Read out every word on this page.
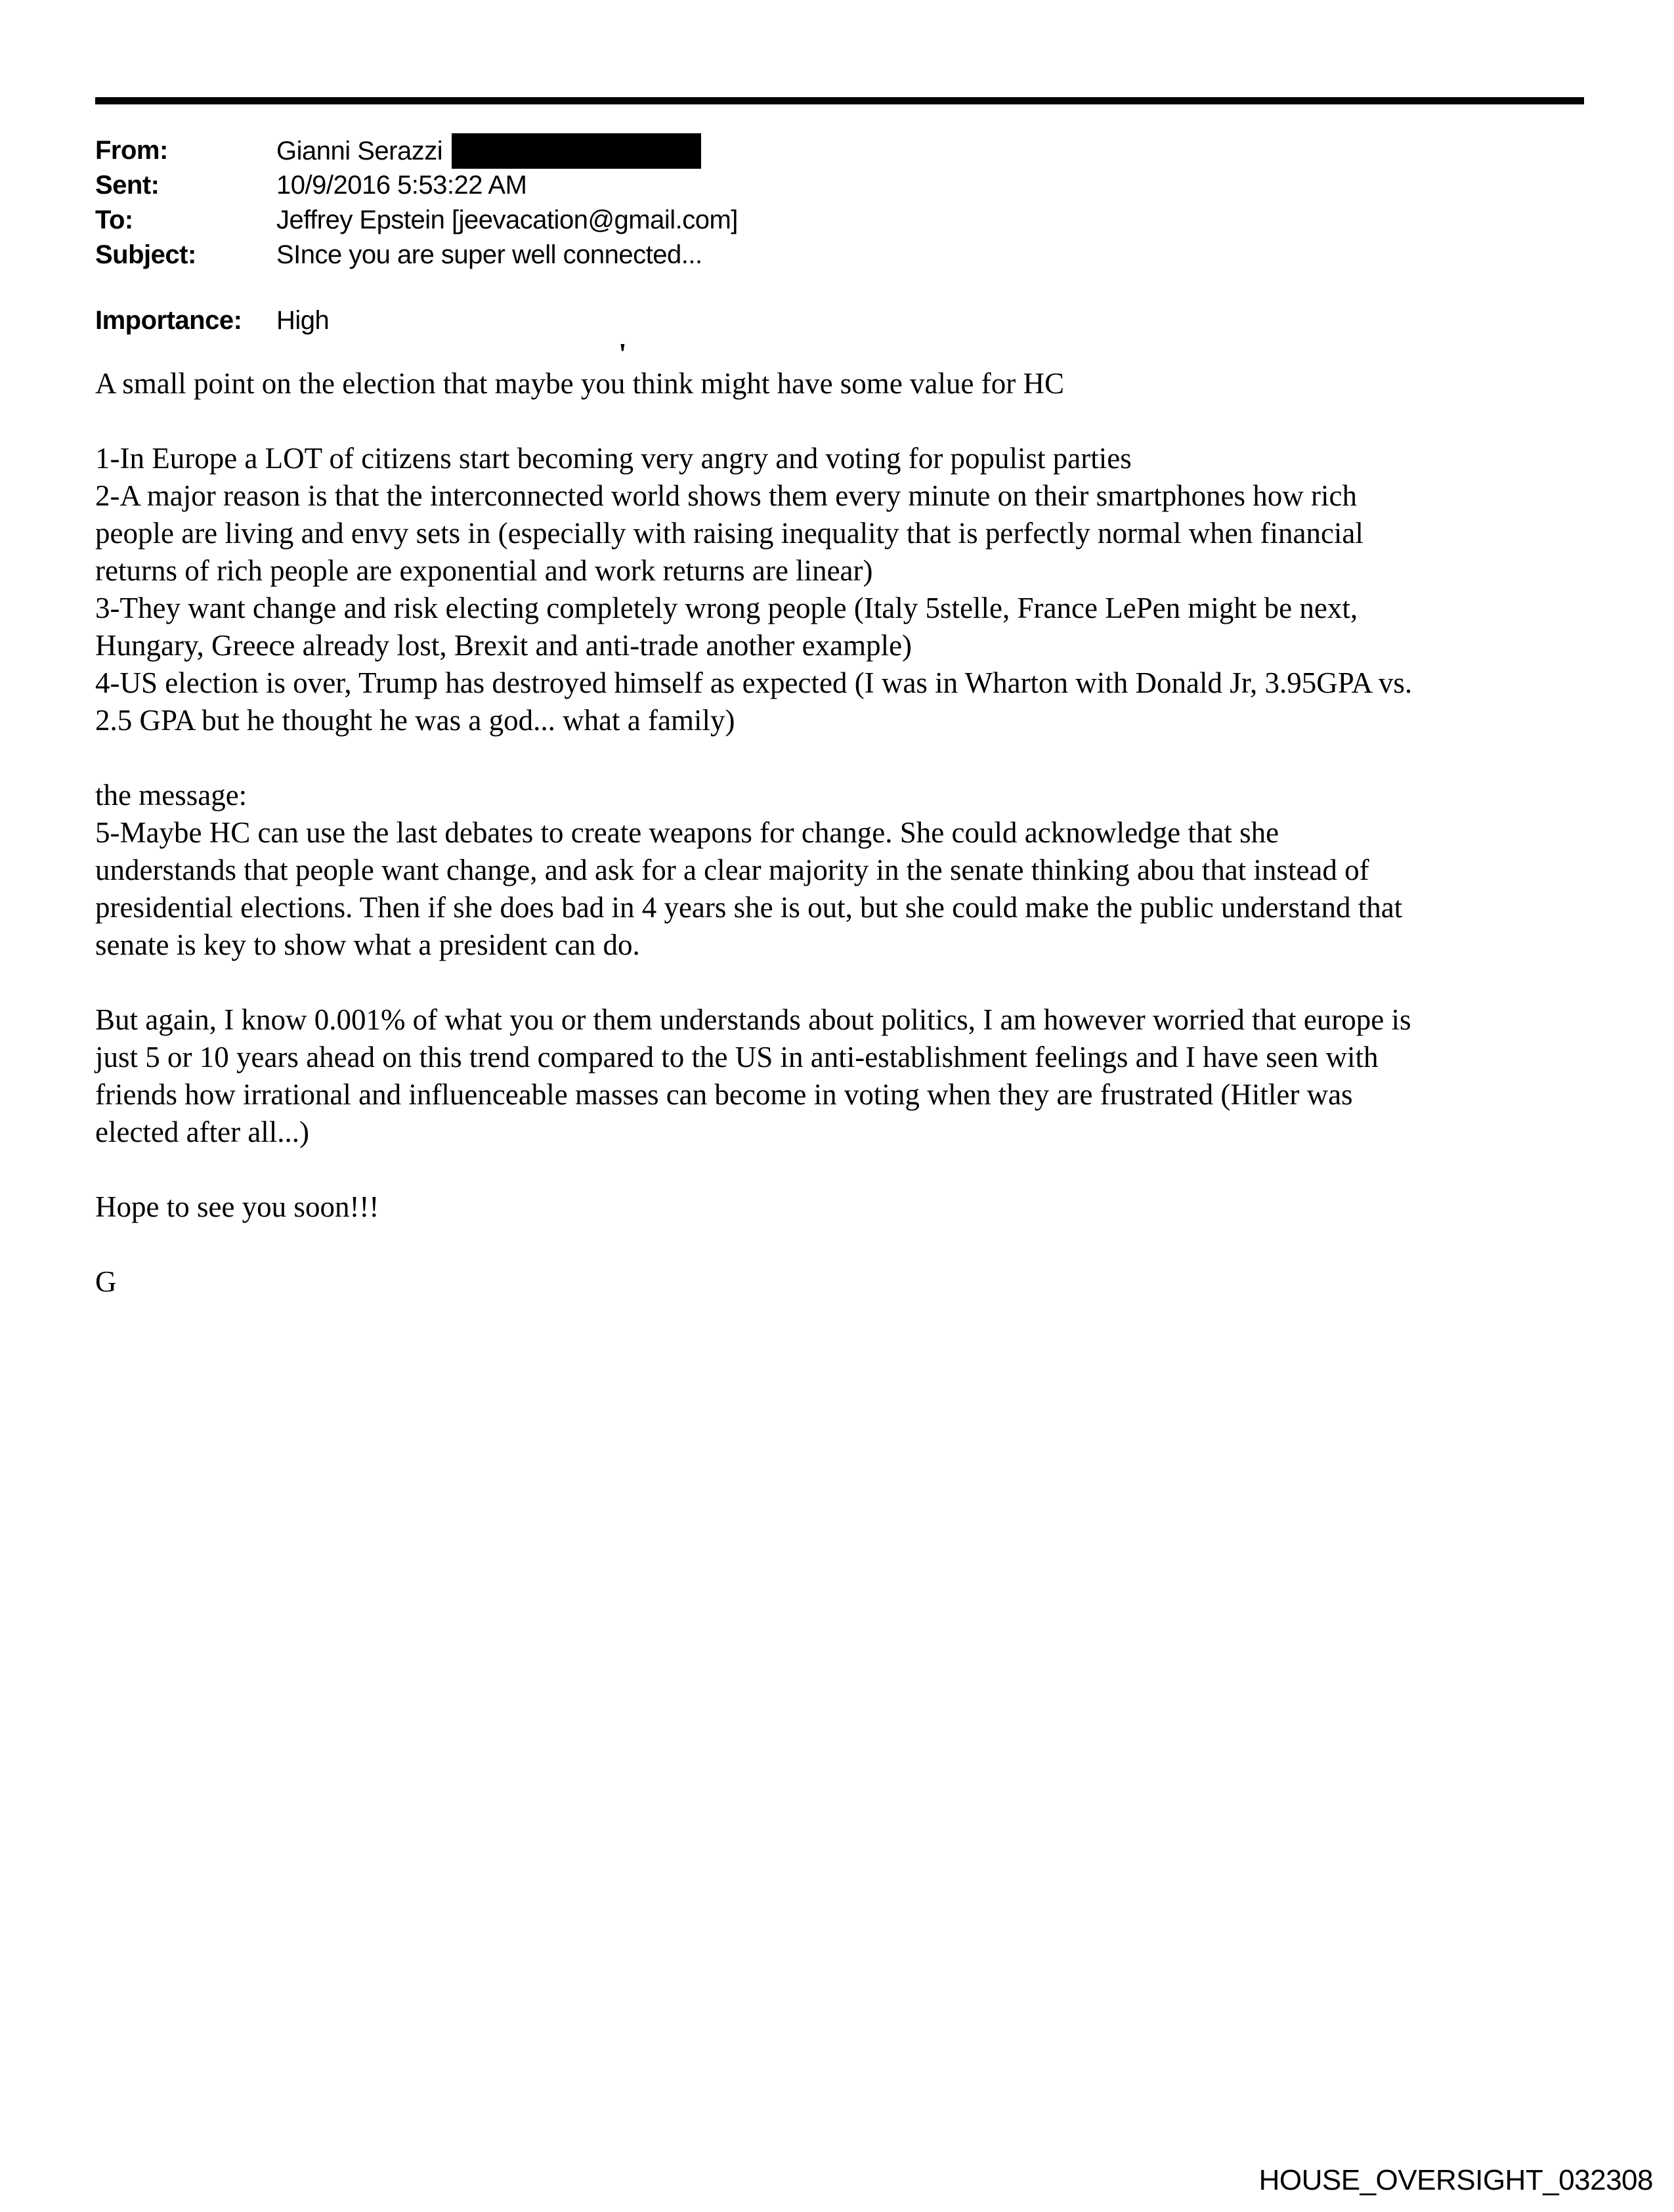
From:	Gianni Serazzi
Sent:	10/9/2016 5:53:22 AM
To:	Jeffrey Epstein [jeevacation@gmail.com]
Subject:	SInce you are super well connected...
Importance:	High
'
A small point on the election that maybe you think might have some value for HC
1-In Europe a LOT of citizens start becoming very angry and voting for populist parties
2-A major reason is that the interconnected world shows them every minute on their smartphones how rich
people are living and envy sets in (especially with raising inequality that is perfectly normal when financial
returns of rich people are exponential and work returns are linear)
3-They want change and risk electing completely wrong people (Italy 5stelle, France LePen might be next,
Hungary, Greece already lost, Brexit and anti-trade another example)
4-US election is over, Trump has destroyed himself as expected (I was in Wharton with Donald Jr, 3.95GPA vs.
2.5 GPA but he thought he was a god... what a family)
the message:
5-Maybe HC can use the last debates to create weapons for change. She could acknowledge that she
understands that people want change, and ask for a clear majority in the senate thinking abou that instead of
presidential elections. Then if she does bad in 4 years she is out, but she could make the public understand that
senate is key to show what a president can do.
But again, I know 0.001% of what you or them understands about politics, I am however worried that europe is
just 5 or 10 years ahead on this trend compared to the US in anti-establishment feelings and I have seen with
friends how irrational and influenceable masses can become in voting when they are frustrated (Hitler was
elected after all...)
Hope to see you soon!!!
G
HOUSE_OVERSIGHT_032308
